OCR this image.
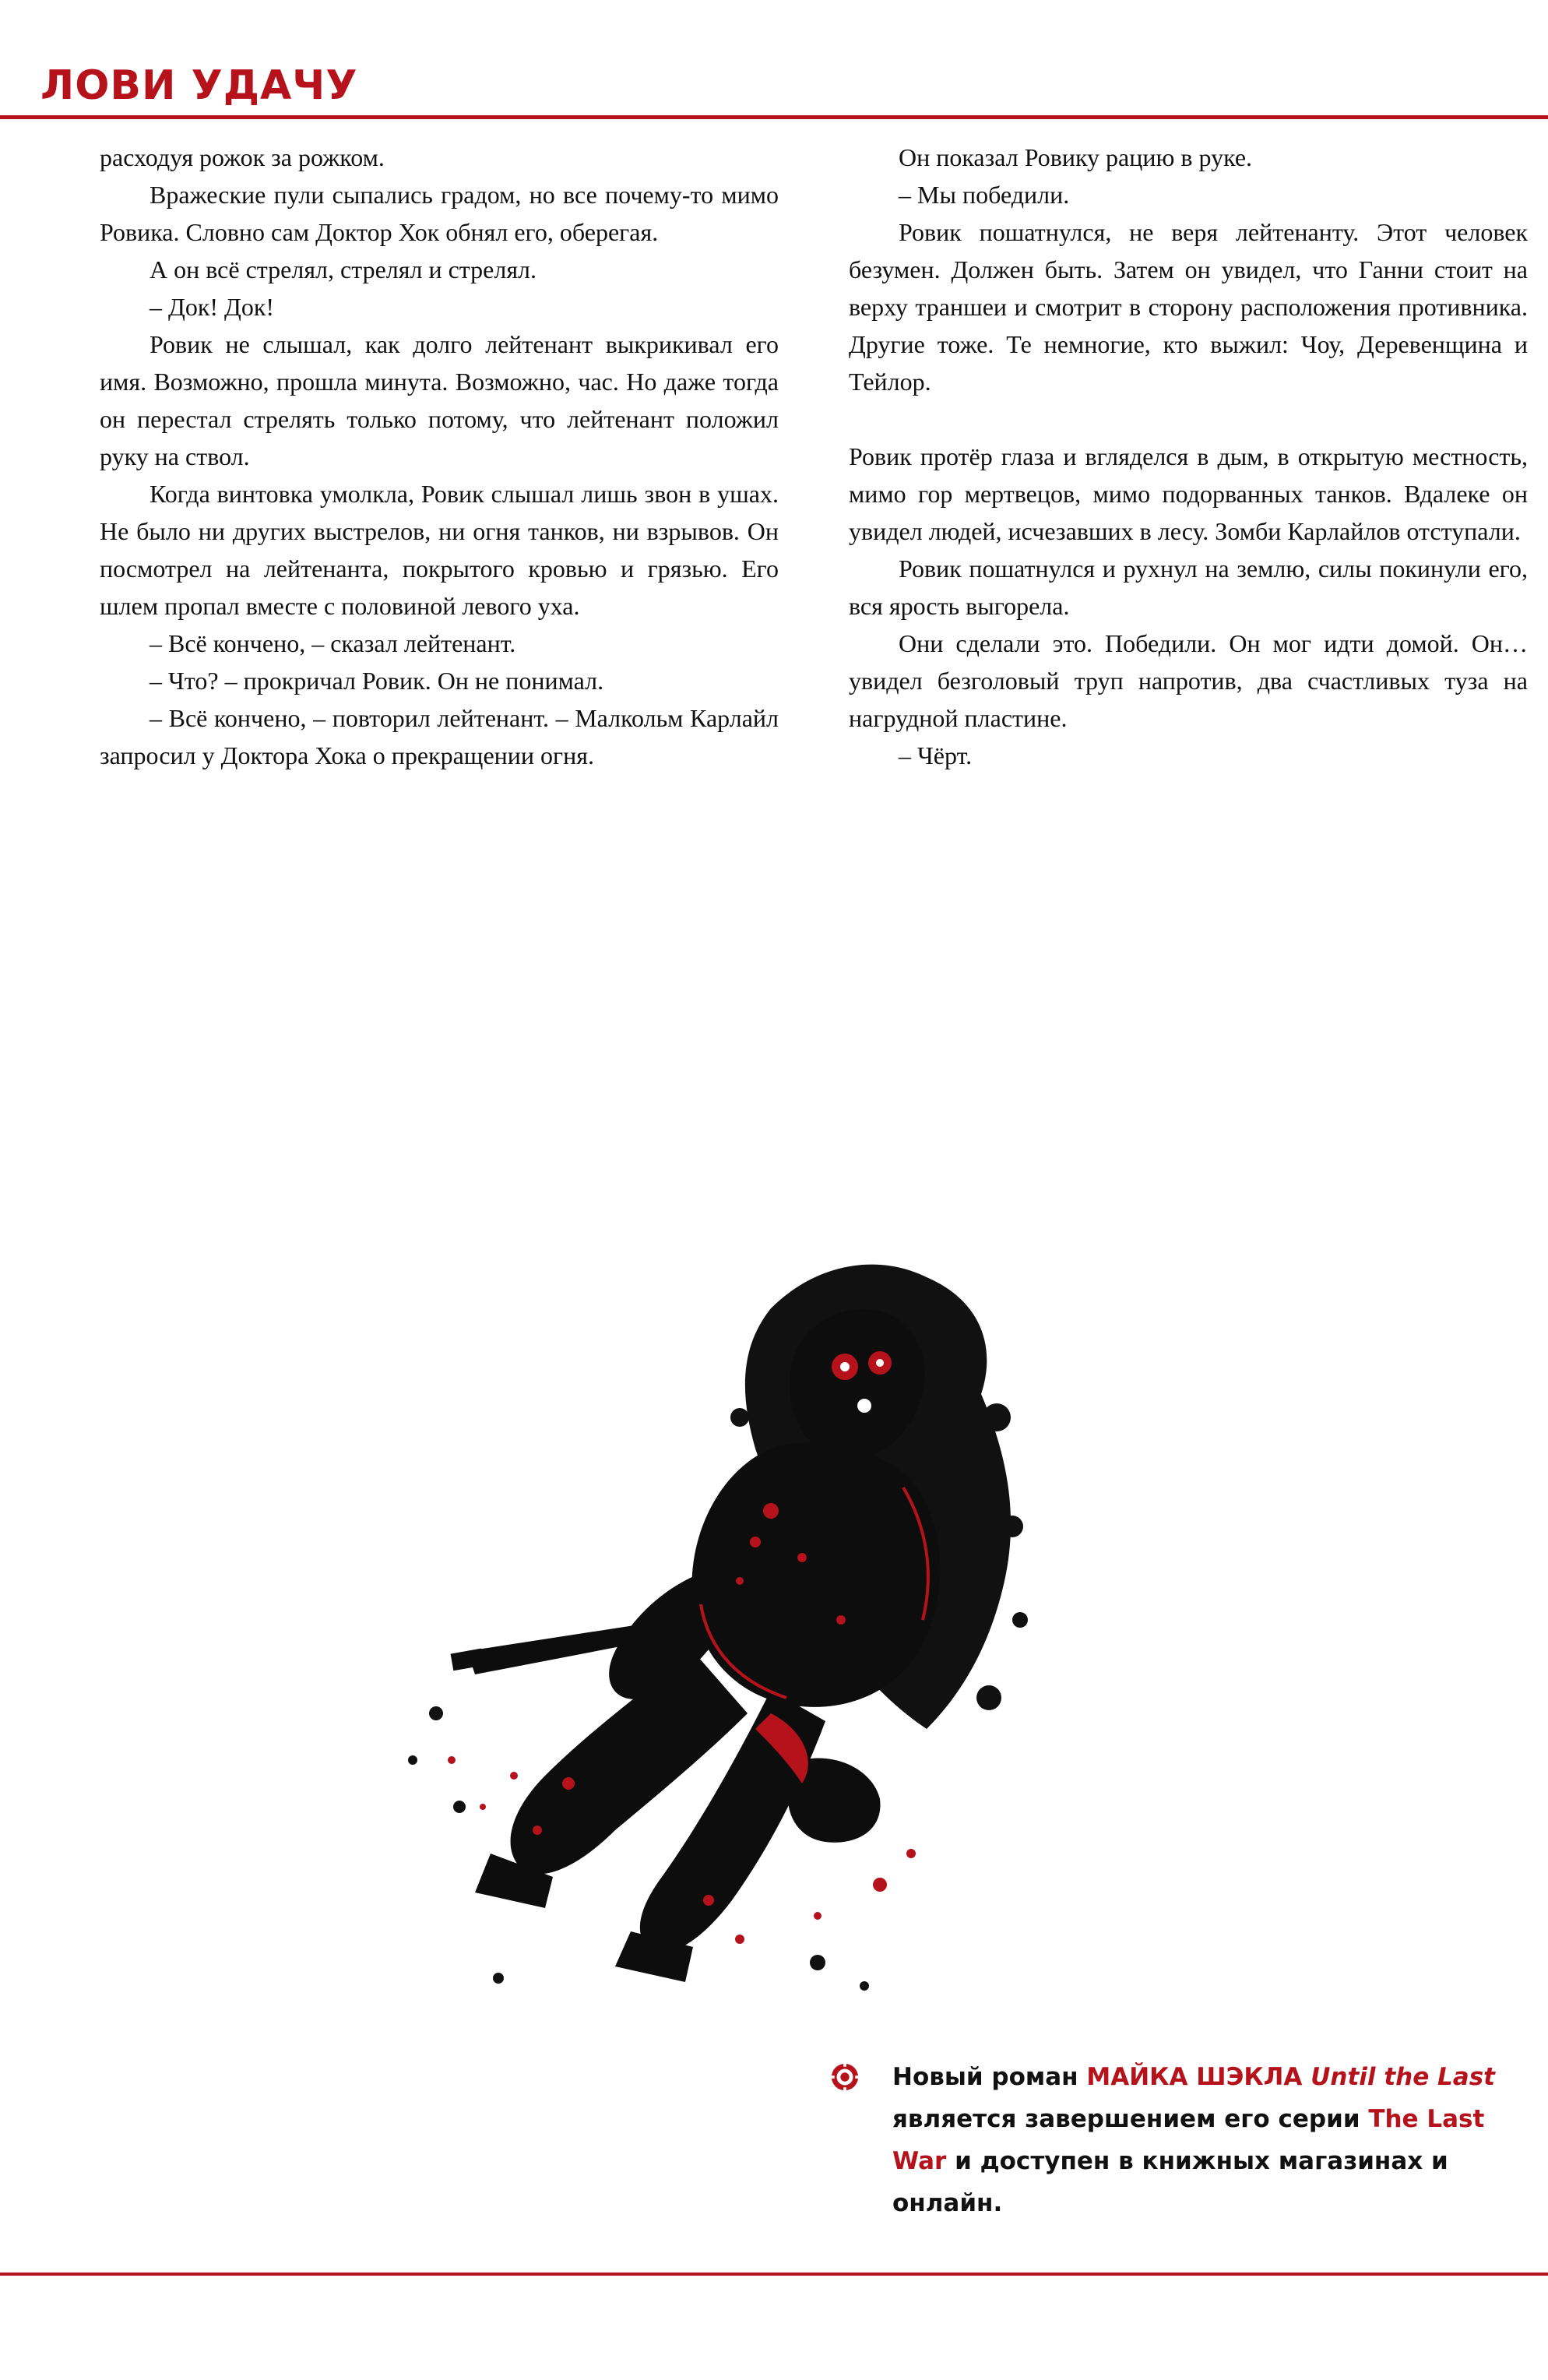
ЛОВИ УДАЧУ

расходуя рожок за рожком.

Вражеские пули сыпались градом, но все почему-то мимо Ровика. Словно сам Доктор Хок обнял его, оберегая.

А он всё стрелял, стрелял и стрелял.

– Док! Док!

Ровик не слышал, как долго лейтенант выкрикивал его имя. Возможно, прошла минута. Возможно, час. Но даже тогда он перестал стрелять только потому, что лейтенант положил руку на ствол.

Когда винтовка умолкла, Ровик слышал лишь звон в ушах. Не было ни других выстрелов, ни огня танков, ни взрывов. Он посмотрел на лейтенанта, покрытого кровью и грязью. Его шлем пропал вместе с половиной левого уха.

– Всё кончено, – сказал лейтенант.

– Что? – прокричал Ровик. Он не понимал.

– Всё кончено, – повторил лейтенант. – Малкольм Карлайл запросил у Доктора Хока о прекращении огня.

Он показал Ровику рацию в руке.

– Мы победили.

Ровик пошатнулся, не веря лейтенанту. Этот человек безумен. Должен быть. Затем он увидел, что Ганни стоит на верху траншеи и смотрит в сторону расположения противника. Другие тоже. Те немногие, кто выжил: Чоу, Деревенщина и Тейлор.

Ровик протёр глаза и вгляделся в дым, в открытую местность, мимо гор мертвецов, мимо подорванных танков. Вдалеке он увидел людей, исчезавших в лесу. Зомби Карлайлов отступали.

Ровик пошатнулся и рухнул на землю, силы покинули его, вся ярость выгорела.

Они сделали это. Победили. Он мог идти домой. Он… увидел безголовый труп напротив, два счастливых туза на нагрудной пластине.

– Чёрт.

Новый роман МАЙКА ШЭКЛА Until the Last является завершением его серии The Last War и доступен в книжных магазинах и онлайн.
